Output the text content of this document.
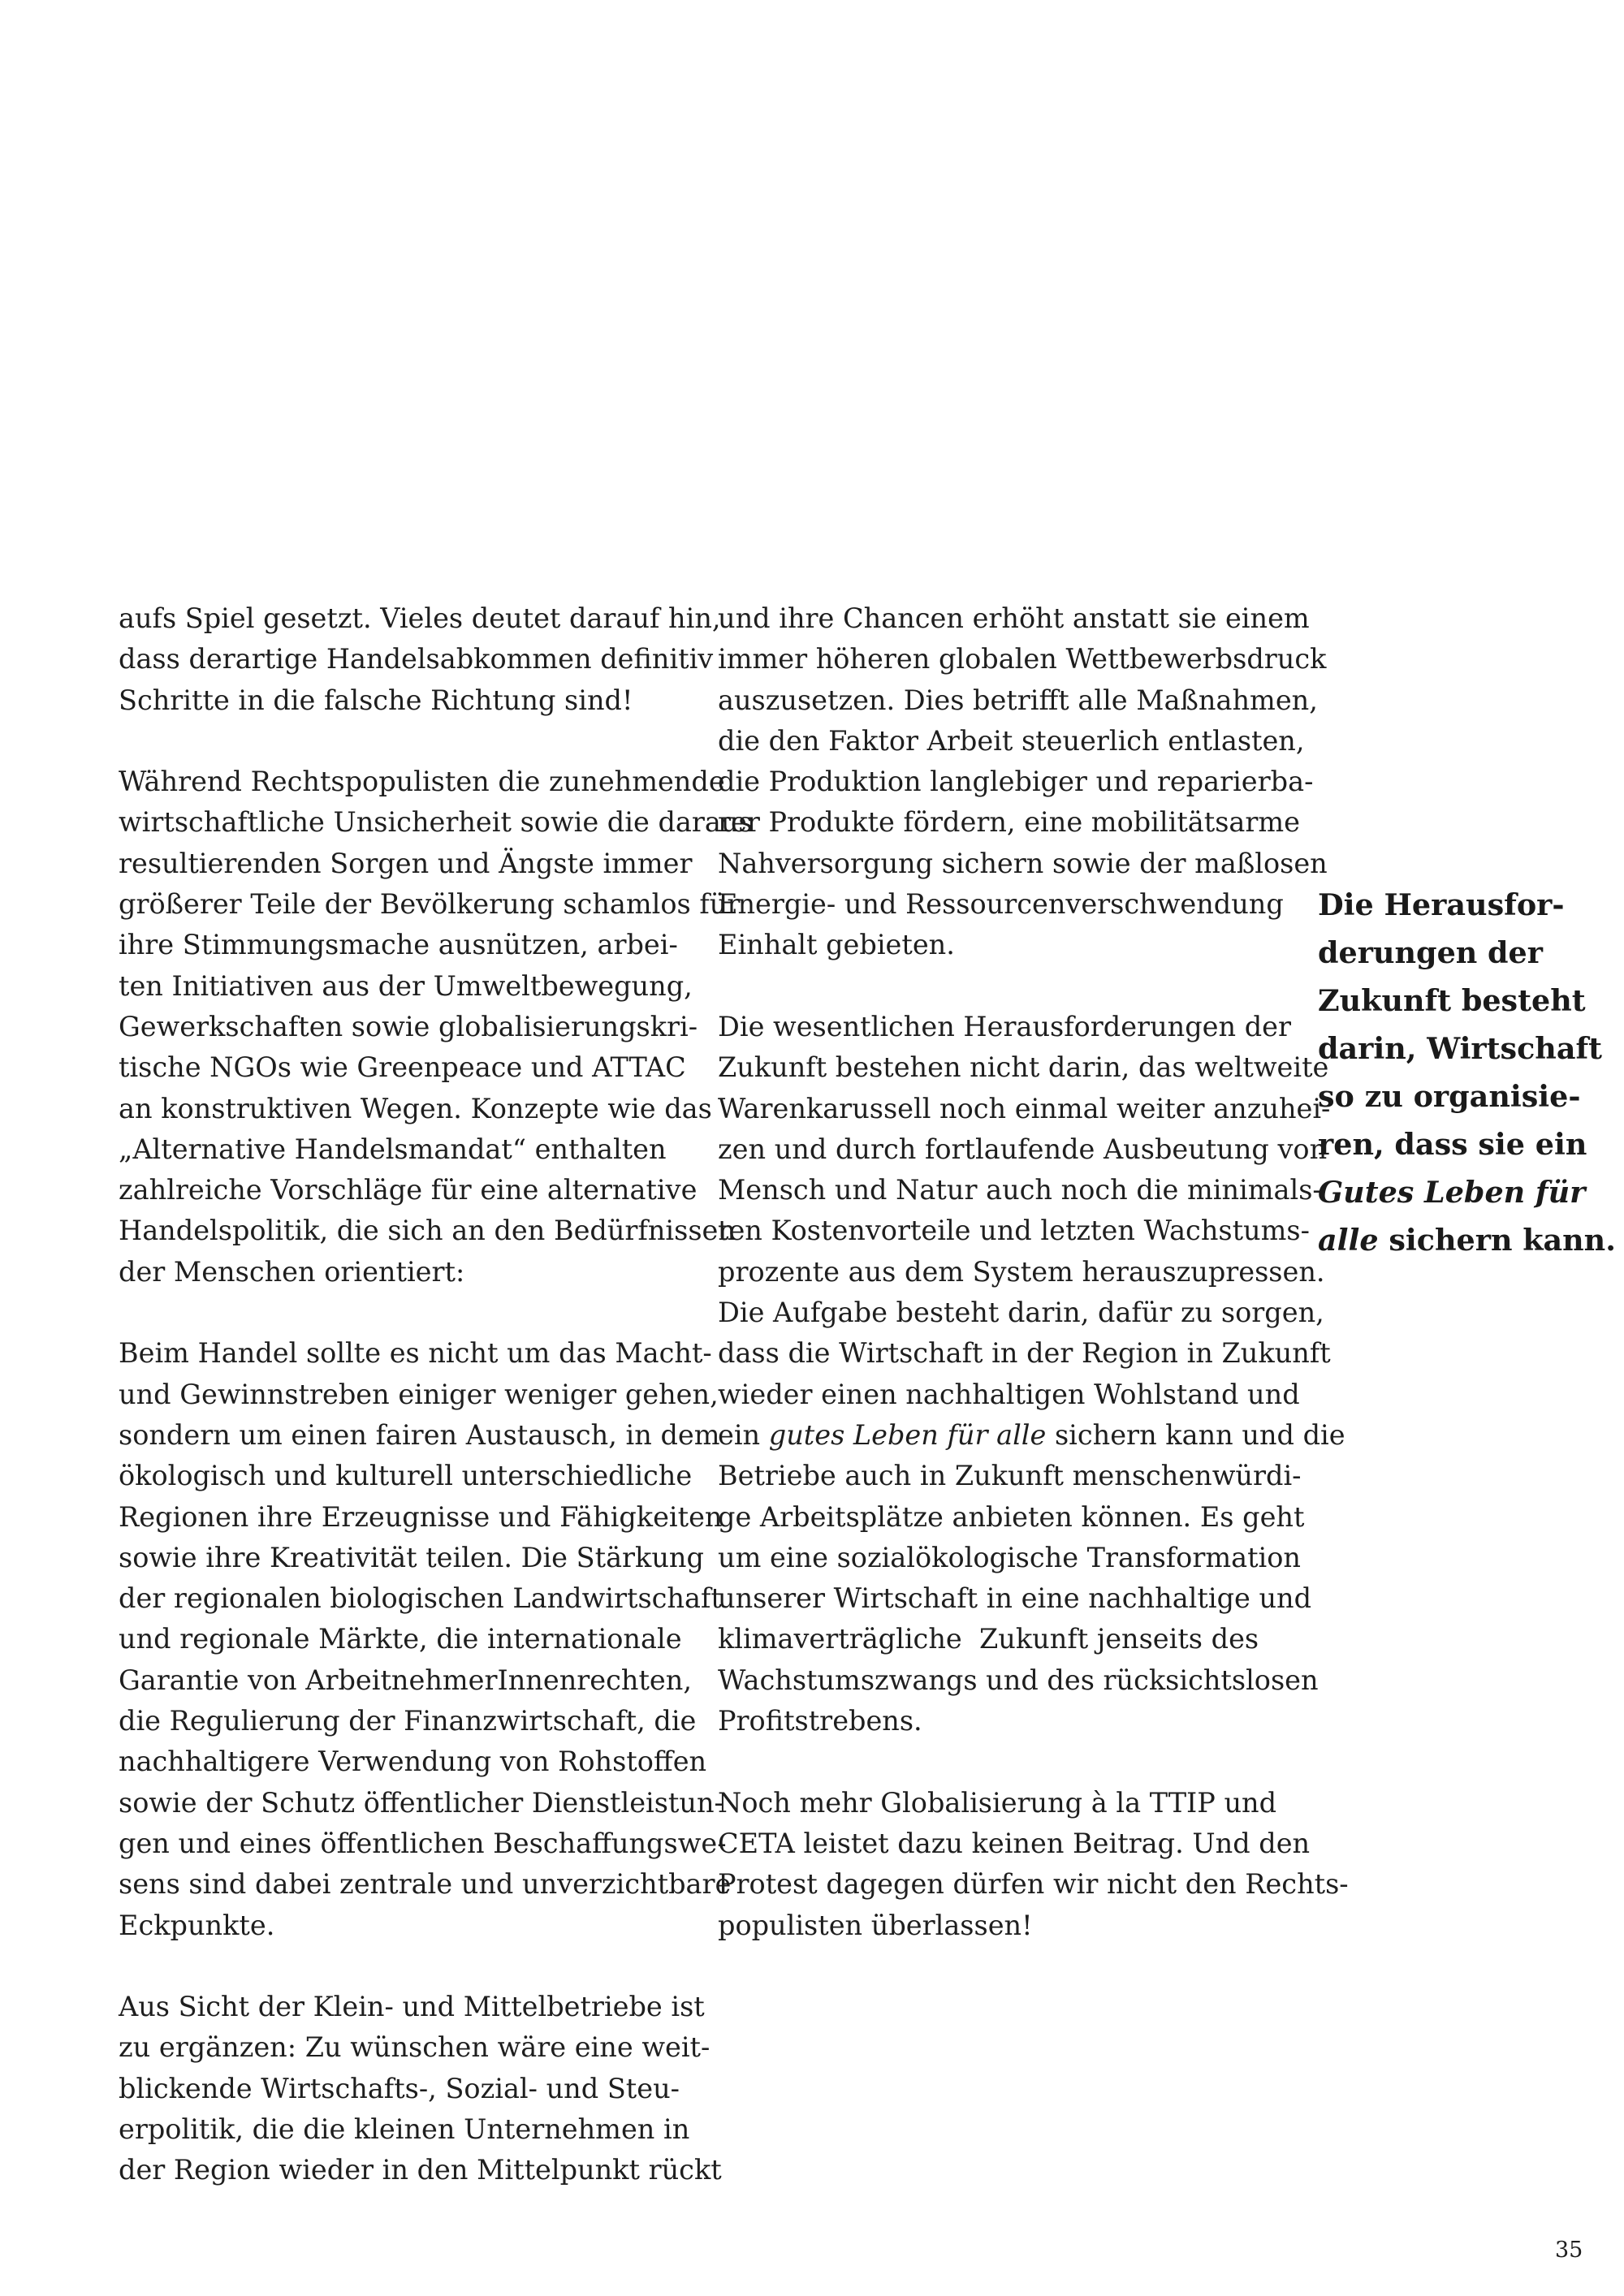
aufs Spiel gesetzt. Vieles deutet darauf hin,
dass derartige Handelsabkommen definitiv
Schritte in die falsche Richtung sind!
Während Rechtspopulisten die zunehmende
wirtschaftliche Unsicherheit sowie die daraus
resultierenden Sorgen und Ängste immer
größerer Teile der Bevölkerung schamlos für
ihre Stimmungsmache ausnützen, arbei-
ten Initiativen aus der Umweltbewegung,
Gewerkschaften sowie globalisierungskri-
tische NGOs wie Greenpeace und ATTAC
an konstruktiven Wegen. Konzepte wie das
„Alternative Handelsmandat“ enthalten
zahlreiche Vorschläge für eine alternative
Handelspolitik, die sich an den Bedürfnissen
der Menschen orientiert:
Beim Handel sollte es nicht um das Macht-
und Gewinnstreben einiger weniger gehen,
sondern um einen fairen Austausch, in dem
ökologisch und kulturell unterschiedliche
Regionen ihre Erzeugnisse und Fähigkeiten
sowie ihre Kreativität teilen. Die Stärkung
der regionalen biologischen Landwirtschaft
und regionale Märkte, die internationale
Garantie von ArbeitnehmerInnenrechten,
die Regulierung der Finanzwirtschaft, die
nachhaltigere Verwendung von Rohstoffen
sowie der Schutz öffentlicher Dienstleistun-
gen und eines öffentlichen Beschaffungswe-
sens sind dabei zentrale und unverzichtbare
Eckpunkte.
Aus Sicht der Klein- und Mittelbetriebe ist
zu ergänzen: Zu wünschen wäre eine weit-
blickende Wirtschafts-, Sozial- und Steu-
erpolitik, die die kleinen Unternehmen in
der Region wieder in den Mittelpunkt rückt
und ihre Chancen erhöht anstatt sie einem
immer höheren globalen Wettbewerbsdruck
auszusetzen. Dies betrifft alle Maßnahmen,
die den Faktor Arbeit steuerlich entlasten,
die Produktion langlebiger und reparierba-
rer Produkte fördern, eine mobilitätsarme
Nahversorgung sichern sowie der maßlosen
Energie- und Ressourcenverschwendung
Einhalt gebieten.
Die wesentlichen Herausforderungen der
Zukunft bestehen nicht darin, das weltweite
Warenkarussell noch einmal weiter anzuhei-
zen und durch fortlaufende Ausbeutung von
Mensch und Natur auch noch die minimals-
ten Kostenvorteile und letzten Wachstums-
prozente aus dem System herauszupressen.
Die Aufgabe besteht darin, dafür zu sorgen,
dass die Wirtschaft in der Region in Zukunft
wieder einen nachhaltigen Wohlstand und
ein gutes Leben für alle sichern kann und die
Betriebe auch in Zukunft menschenwürdi-
ge Arbeitsplätze anbieten können. Es geht
um eine sozialökologische Transformation
unserer Wirtschaft in eine nachhaltige und
klimaverträgliche  Zukunft jenseits des
Wachstumszwangs und des rücksichtslosen
Profitstrebens.
Noch mehr Globalisierung à la TTIP und
CETA leistet dazu keinen Beitrag. Und den
Protest dagegen dürfen wir nicht den Rechts-
populisten überlassen!
Die Herausfor-
derungen der
Zukunft besteht
darin, Wirtschaft
so zu organisie-
ren, dass sie ein
Gutes Leben für
alle sichern kann.
35
